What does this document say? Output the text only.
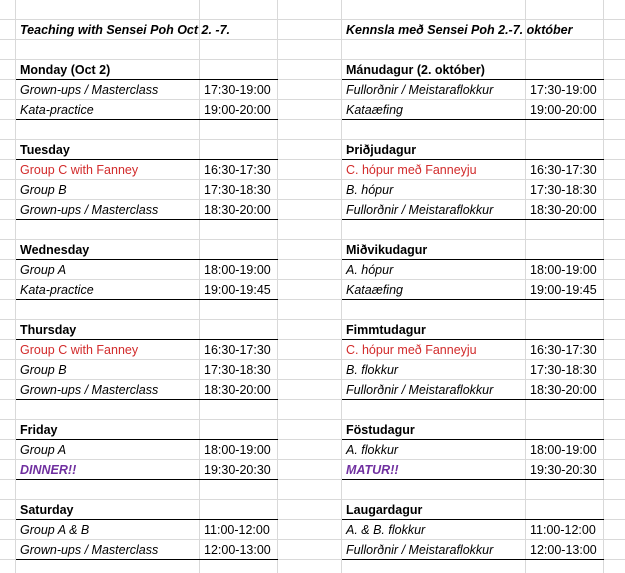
Teaching with Sensei Poh Oct 2. -7.	Kennsla með Sensei Poh 2.-7. október
Monday (Oct 2)	Mánudagur (2. október)
Grown-ups / Masterclass	17:30-19:00	Fullorðnir / Meistaraflokkur	17:30-19:00
Kata-practice	19:00-20:00	Kataæfing	19:00-20:00
Tuesday	Þriðjudagur
Group C with Fanney	16:30-17:30	C. hópur með Fanneyju	16:30-17:30
Group B	17:30-18:30	B. hópur	17:30-18:30
Grown-ups / Masterclass	18:30-20:00	Fullorðnir / Meistaraflokkur	18:30-20:00
Wednesday	Miðvikudagur
Group A	18:00-19:00	A. hópur	18:00-19:00
Kata-practice	19:00-19:45	Kataæfing	19:00-19:45
Thursday	Fimmtudagur
Group C with Fanney	16:30-17:30	C. hópur með Fanneyju	16:30-17:30
Group B	17:30-18:30	B. flokkur	17:30-18:30
Grown-ups / Masterclass	18:30-20:00	Fullorðnir / Meistaraflokkur	18:30-20:00
Friday	Föstudagur
Group A	18:00-19:00	A. flokkur	18:00-19:00
DINNER!!	19:30-20:30	MATUR!!	19:30-20:30
Saturday	Laugardagur
Group A & B	11:00-12:00	A. & B. flokkur	11:00-12:00
Grown-ups / Masterclass	12:00-13:00	Fullorðnir / Meistaraflokkur	12:00-13:00
